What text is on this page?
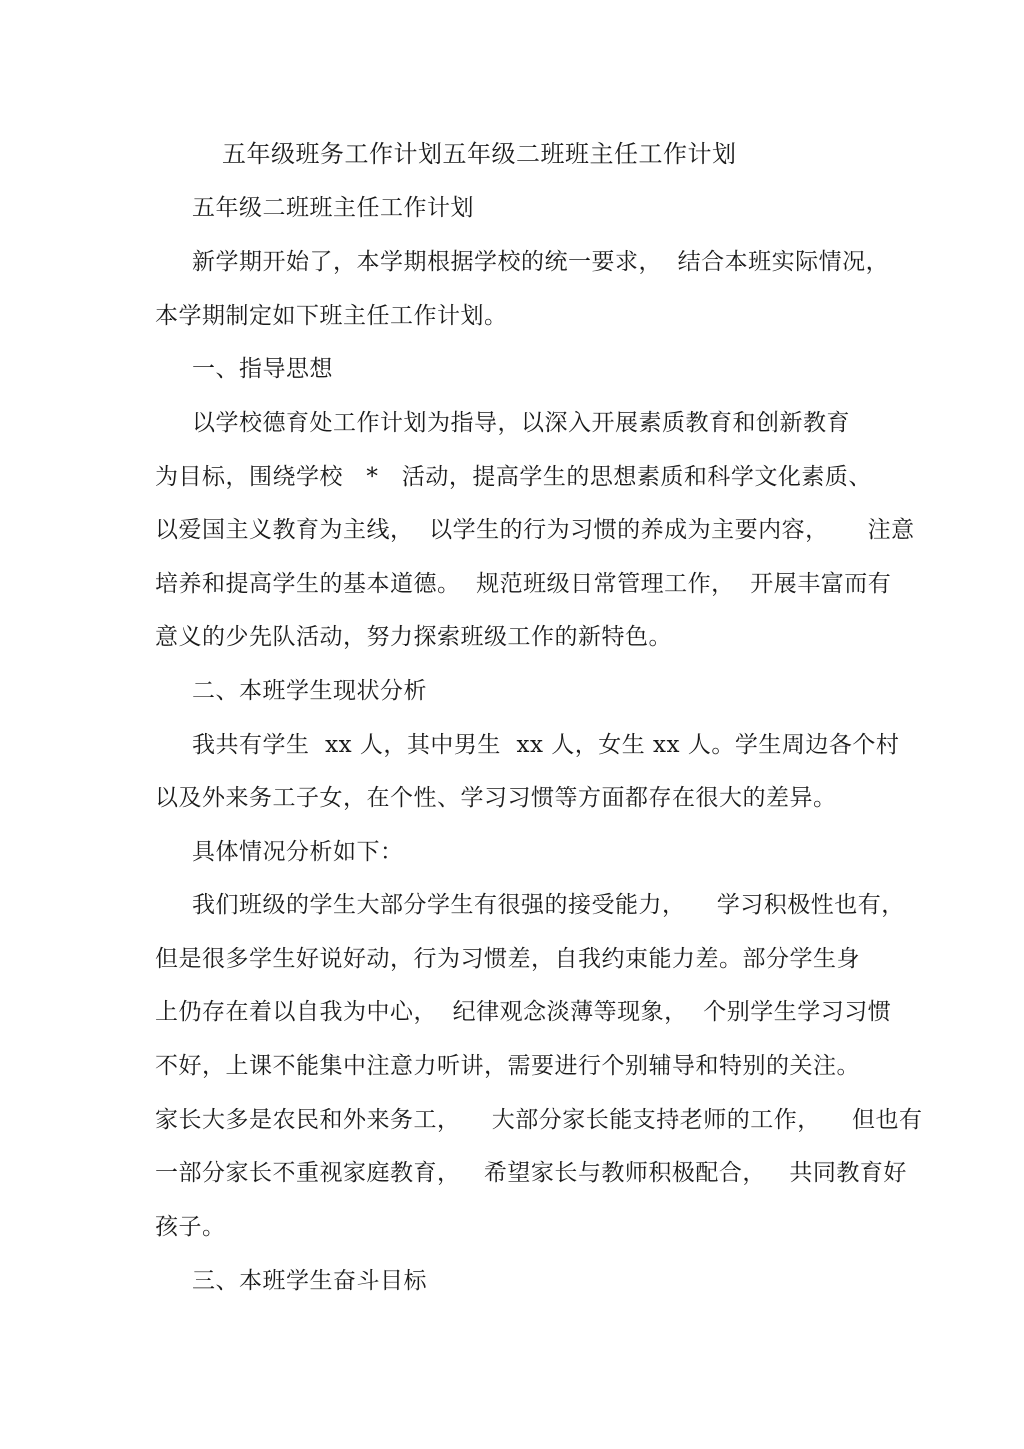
五年级班务工作计划五年级二班班主任工作计划
五年级二班班主任工作计划
新学期开始了，本学期根据学校的统一要求，  结合本班实际情况，
本学期制定如下班主任工作计划。
一、指导思想
以学校德育处工作计划为指导，以深入开展素质教育和创新教育
为目标，围绕学校   *   活动，提高学生的思想素质和科学文化素质、
以爱国主义教育为主线，  以学生的行为习惯的养成为主要内容，     注意
培养和提高学生的基本道德。  规范班级日常管理工作，  开展丰富而有
意义的少先队活动，努力探索班级工作的新特色。
二、本班学生现状分析
我共有学生  xx 人，其中男生  xx 人，女生 xx 人。学生周边各个村
以及外来务工子女，在个性、学习习惯等方面都存在很大的差异。
具体情况分析如下：
我们班级的学生大部分学生有很强的接受能力，    学习积极性也有，
但是很多学生好说好动，行为习惯差，自我约束能力差。部分学生身
上仍存在着以自我为中心，  纪律观念淡薄等现象，  个别学生学习习惯
不好，上课不能集中注意力听讲，需要进行个别辅导和特别的关注。
家长大多是农民和外来务工，    大部分家长能支持老师的工作，    但也有
一部分家长不重视家庭教育，   希望家长与教师积极配合，   共同教育好
孩子。
三、本班学生奋斗目标
